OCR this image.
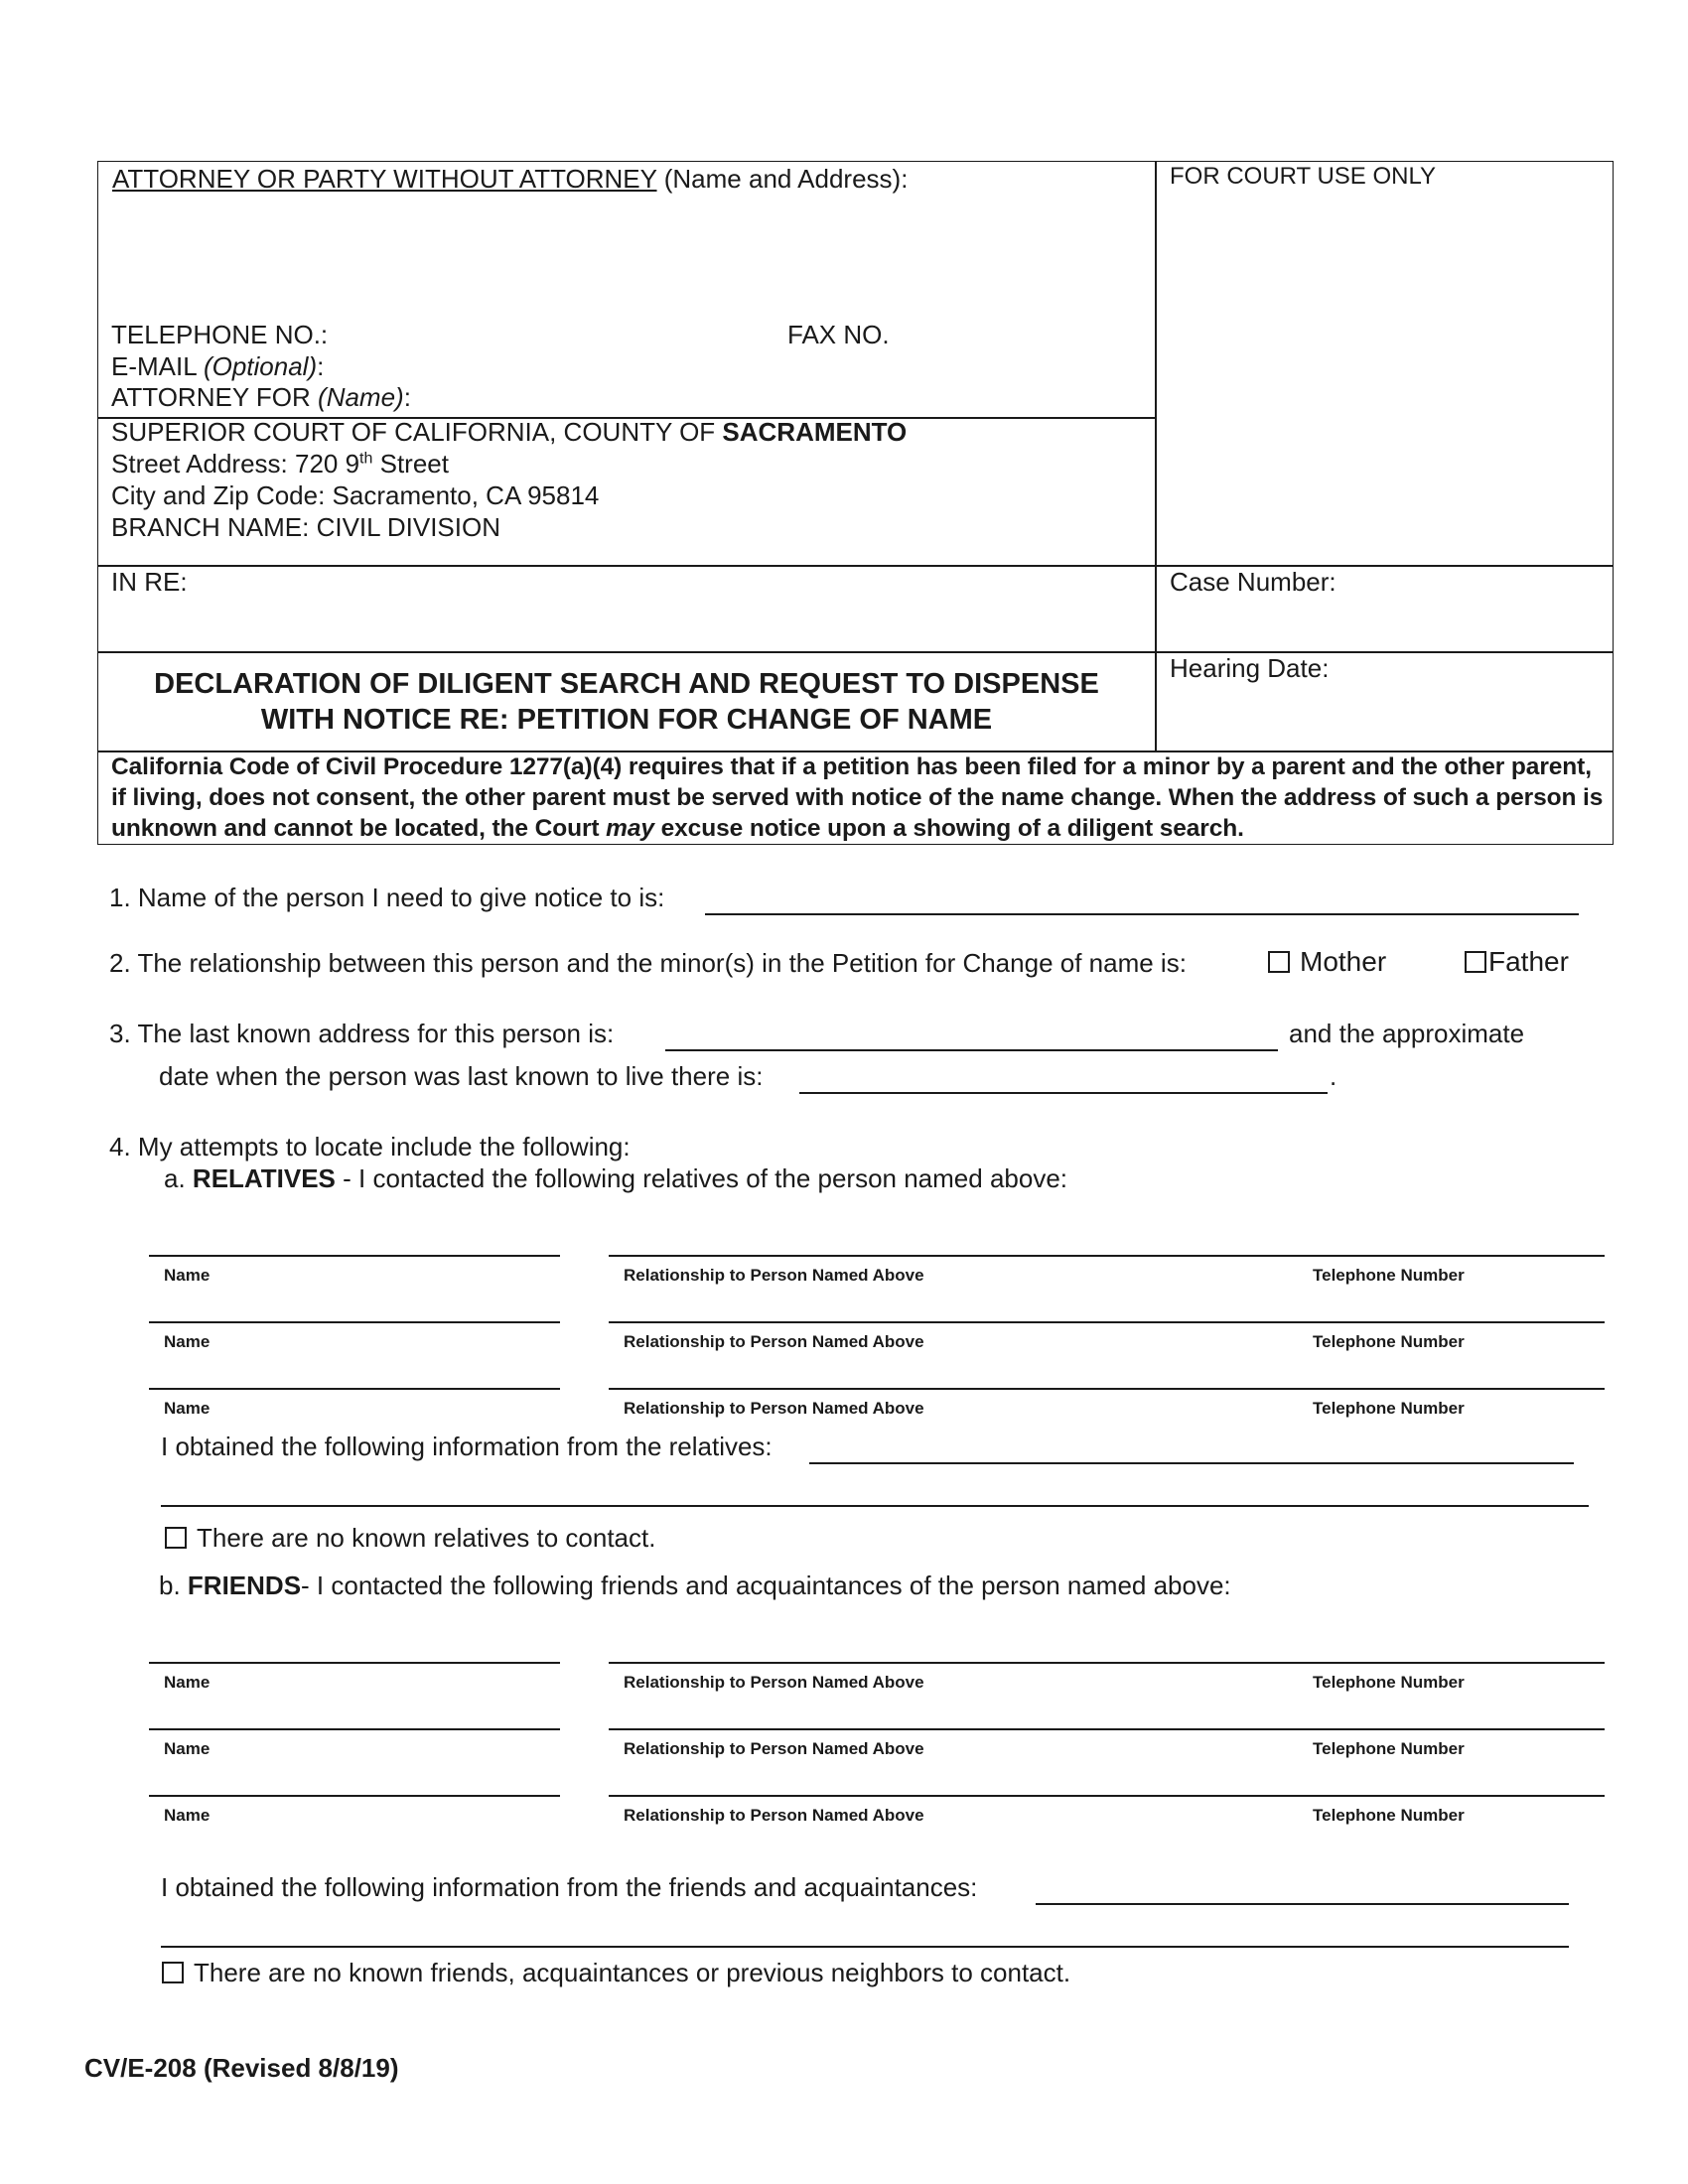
ATTORNEY OR PARTY WITHOUT ATTORNEY (Name and Address):	FOR COURT USE ONLY
TELEPHONE NO.:	FAX NO.
E-MAIL (Optional):
ATTORNEY FOR (Name):
SUPERIOR COURT OF CALIFORNIA, COUNTY OF SACRAMENTO
Street Address: 720 9th Street
City and Zip Code: Sacramento, CA 95814
BRANCH NAME: CIVIL DIVISION
IN RE:	Case Number:
Hearing Date:
DECLARATION OF DILIGENT SEARCH AND REQUEST TO DISPENSE
WITH NOTICE RE: PETITION FOR CHANGE OF NAME
California Code of Civil Procedure 1277(a)(4) requires that if a petition has been filed for a minor by a parent and the other parent, if living, does not consent, the other parent must be served with notice of the name change. When the address of such a person is unknown and cannot be located, the Court may excuse notice upon a showing of a diligent search.
1. Name of the person I need to give notice to is:
2. The relationship between this person and the minor(s) in the Petition for Change of name is:	Mother	Father
3. The last known address for this person is:	and the approximate
date when the person was last known to live there is:	.
4. My attempts to locate include the following:
a. RELATIVES - I contacted the following relatives of the person named above:
Name	Relationship to Person Named Above	Telephone Number
Name	Relationship to Person Named Above	Telephone Number
Name	Relationship to Person Named Above	Telephone Number
I obtained the following information from the relatives:
There are no known relatives to contact.
b. FRIENDS- I contacted the following friends and acquaintances of the person named above:
Name	Relationship to Person Named Above	Telephone Number
Name	Relationship to Person Named Above	Telephone Number
Name	Relationship to Person Named Above	Telephone Number
I obtained the following information from the friends and acquaintances:
There are no known friends, acquaintances or previous neighbors to contact.
CV/E-208 (Revised 8/8/19)
